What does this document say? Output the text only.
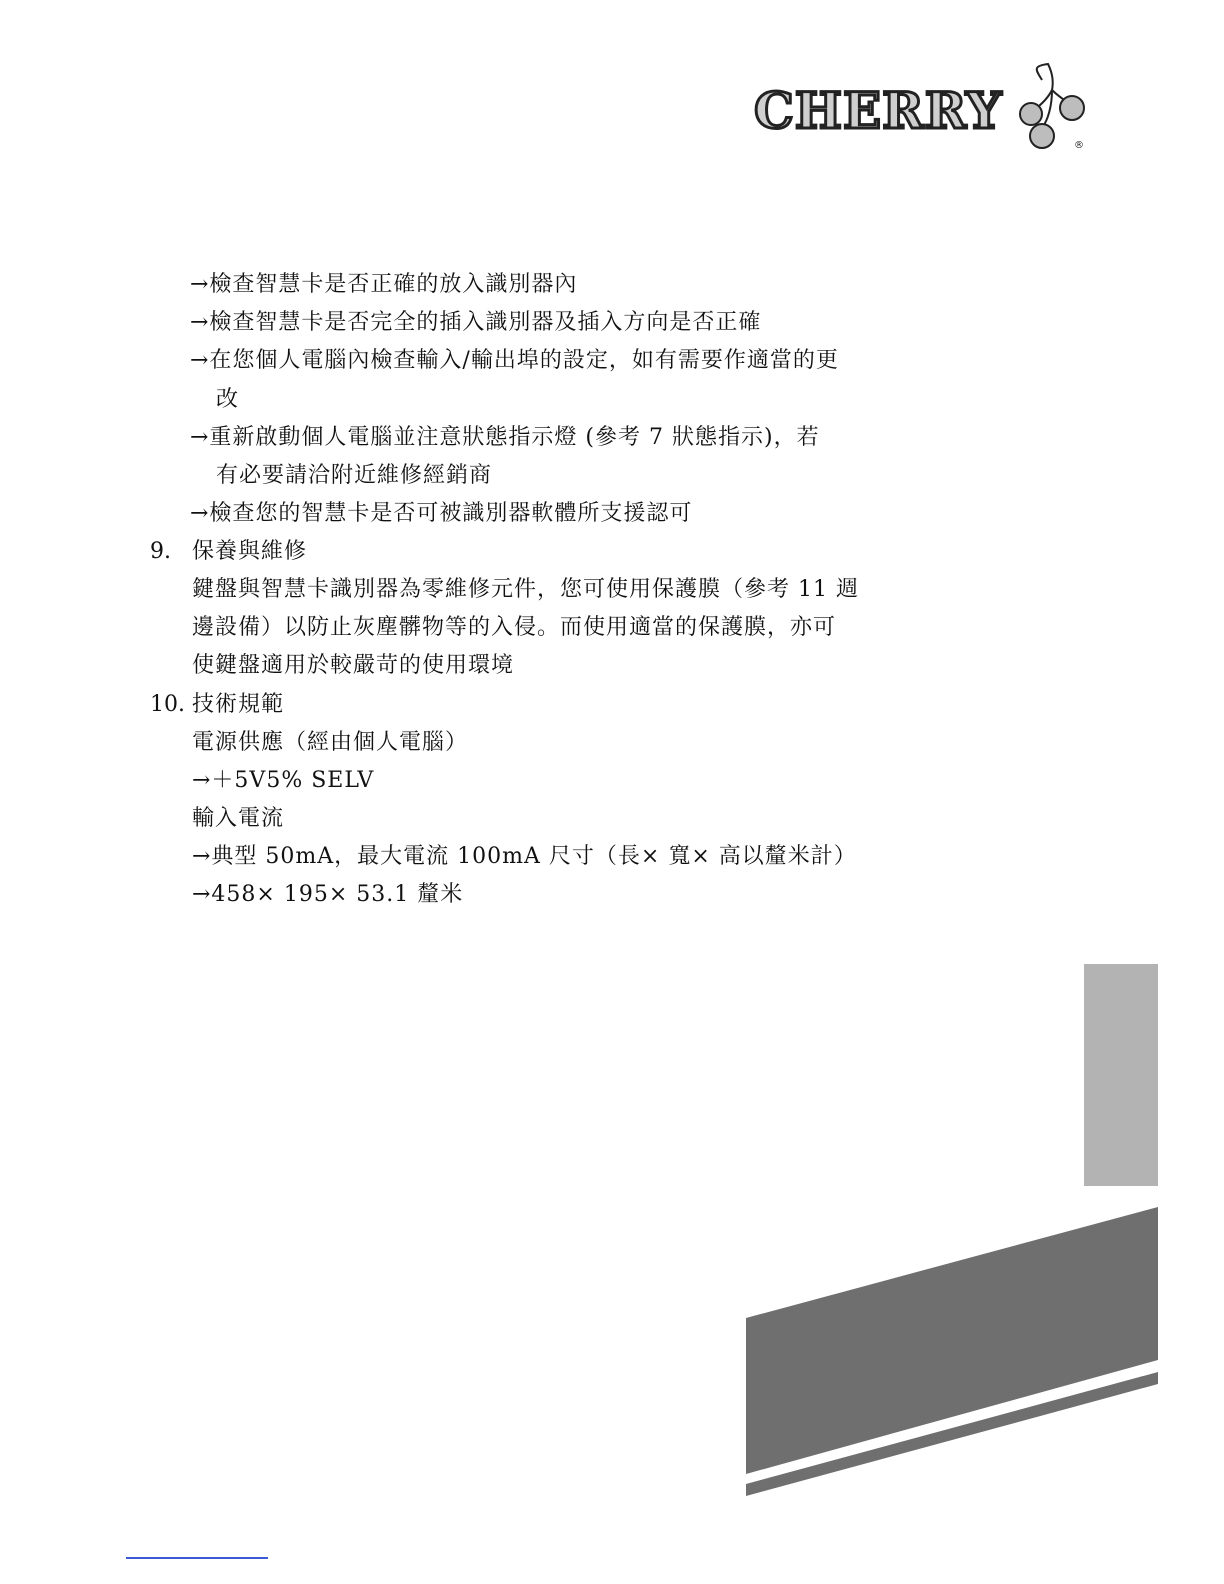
CHERRY
®
→檢查智慧卡是否正確的放入識別器內
→檢查智慧卡是否完全的插入識別器及插入方向是否正確
→在您個人電腦內檢查輸入/輸出埠的設定，如有需要作適當的更
改
→重新啟動個人電腦並注意狀態指示燈 (參考 7 狀態指示)，若
有必要請洽附近維修經銷商
→檢查您的智慧卡是否可被識別器軟體所支援認可
9. 保養與維修
鍵盤與智慧卡識別器為零維修元件，您可使用保護膜（參考 11 週
邊設備）以防止灰塵髒物等的入侵。而使用適當的保護膜，亦可
使鍵盤適用於較嚴苛的使用環境
10. 技術規範
電源供應（經由個人電腦）
→＋5V5% SELV
輸入電流
→典型 50mA，最大電流 100mA 尺寸（長× 寬× 高以釐米計）
→458× 195× 53.1 釐米
